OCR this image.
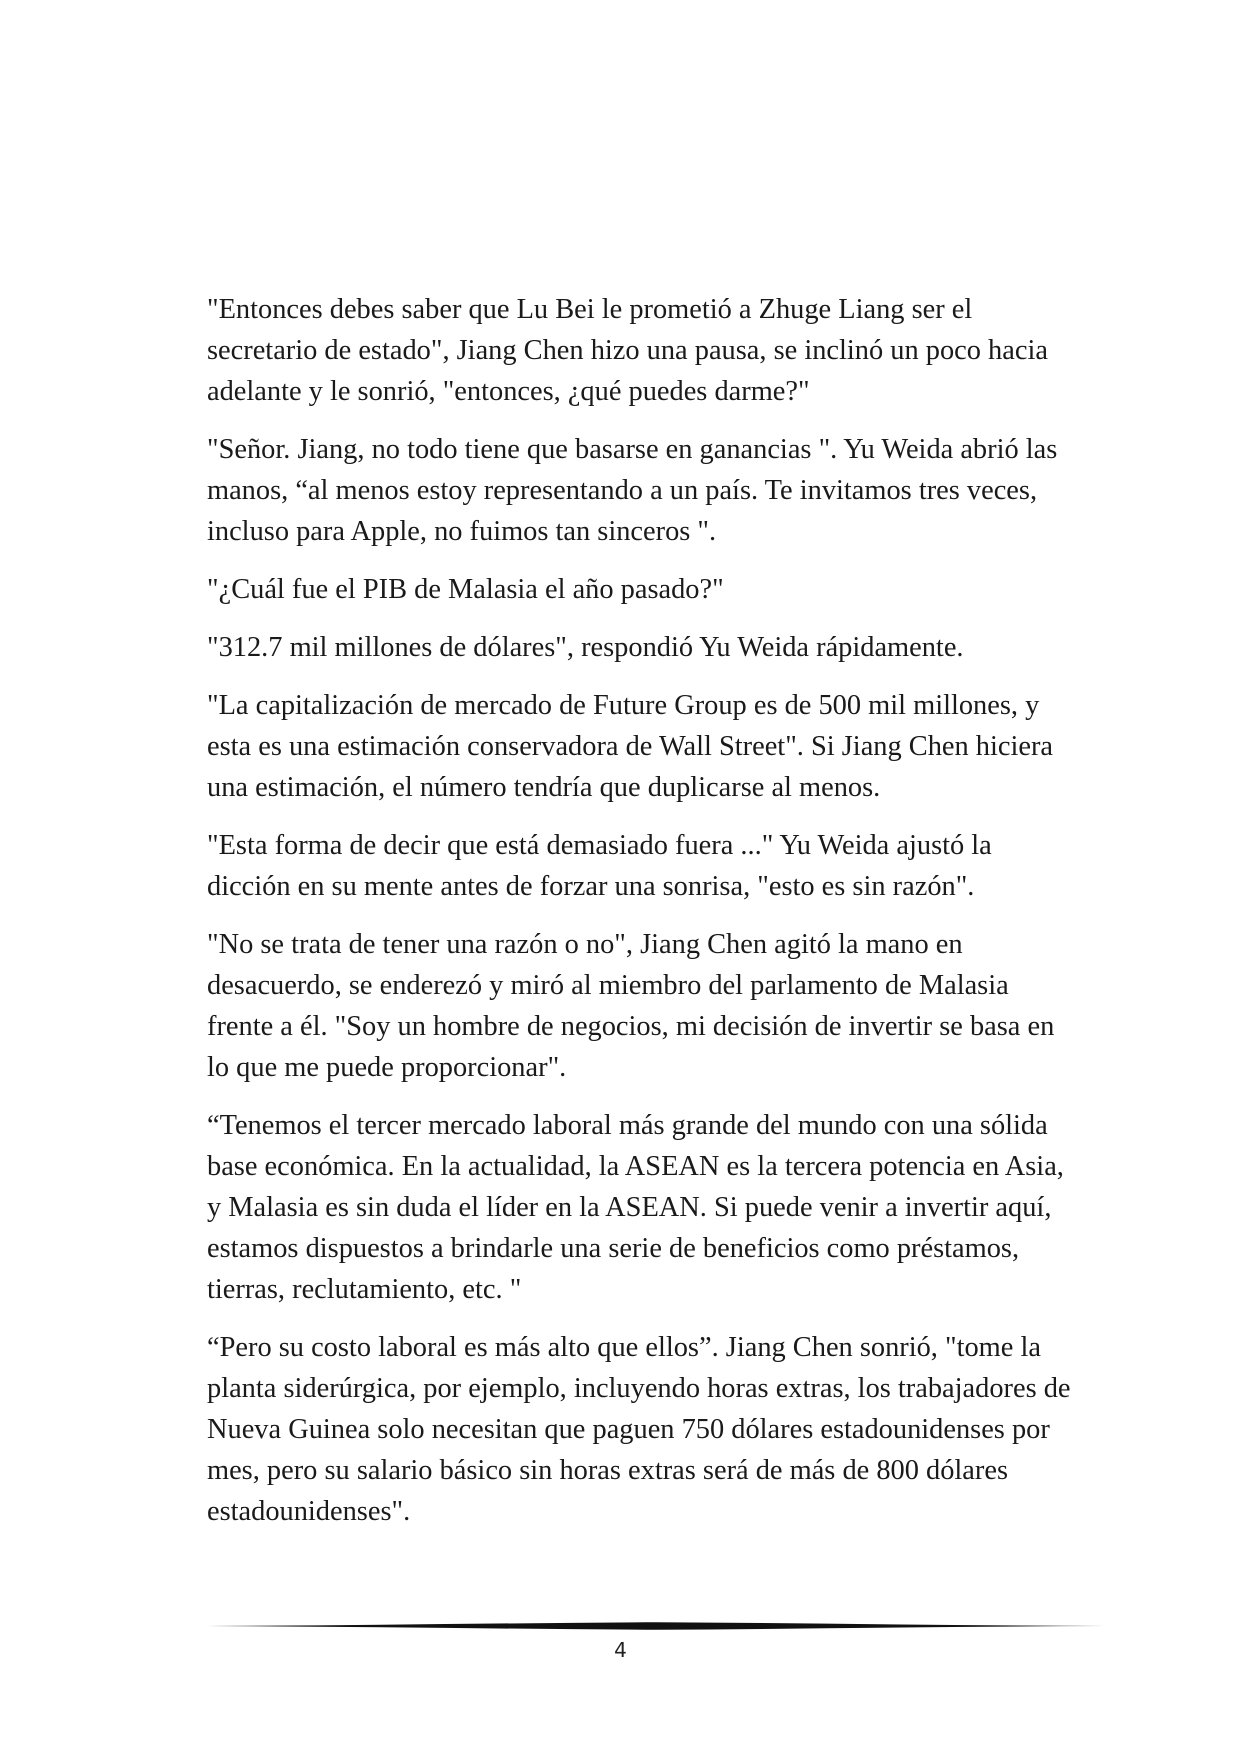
"Entonces debes saber que Lu Bei le prometió a Zhuge Liang ser el secretario de estado", Jiang Chen hizo una pausa, se inclinó un poco hacia adelante y le sonrió, "entonces, ¿qué puedes darme?"

"Señor. Jiang, no todo tiene que basarse en ganancias ". Yu Weida abrió las manos, “al menos estoy representando a un país. Te invitamos tres veces, incluso para Apple, no fuimos tan sinceros ".

"¿Cuál fue el PIB de Malasia el año pasado?"

"312.7 mil millones de dólares", respondió Yu Weida rápidamente.

"La capitalización de mercado de Future Group es de 500 mil millones, y esta es una estimación conservadora de Wall Street". Si Jiang Chen hiciera una estimación, el número tendría que duplicarse al menos.

"Esta forma de decir que está demasiado fuera ..." Yu Weida ajustó la dicción en su mente antes de forzar una sonrisa, "esto es sin razón".

"No se trata de tener una razón o no", Jiang Chen agitó la mano en desacuerdo, se enderezó y miró al miembro del parlamento de Malasia frente a él. "Soy un hombre de negocios, mi decisión de invertir se basa en lo que me puede proporcionar".

“Tenemos el tercer mercado laboral más grande del mundo con una sólida base económica. En la actualidad, la ASEAN es la tercera potencia en Asia, y Malasia es sin duda el líder en la ASEAN. Si puede venir a invertir aquí, estamos dispuestos a brindarle una serie de beneficios como préstamos, tierras, reclutamiento, etc. "

“Pero su costo laboral es más alto que ellos”. Jiang Chen sonrió, "tome la planta siderúrgica, por ejemplo, incluyendo horas extras, los trabajadores de Nueva Guinea solo necesitan que paguen 750 dólares estadounidenses por mes, pero su salario básico sin horas extras será de más de 800 dólares estadounidenses".

4
